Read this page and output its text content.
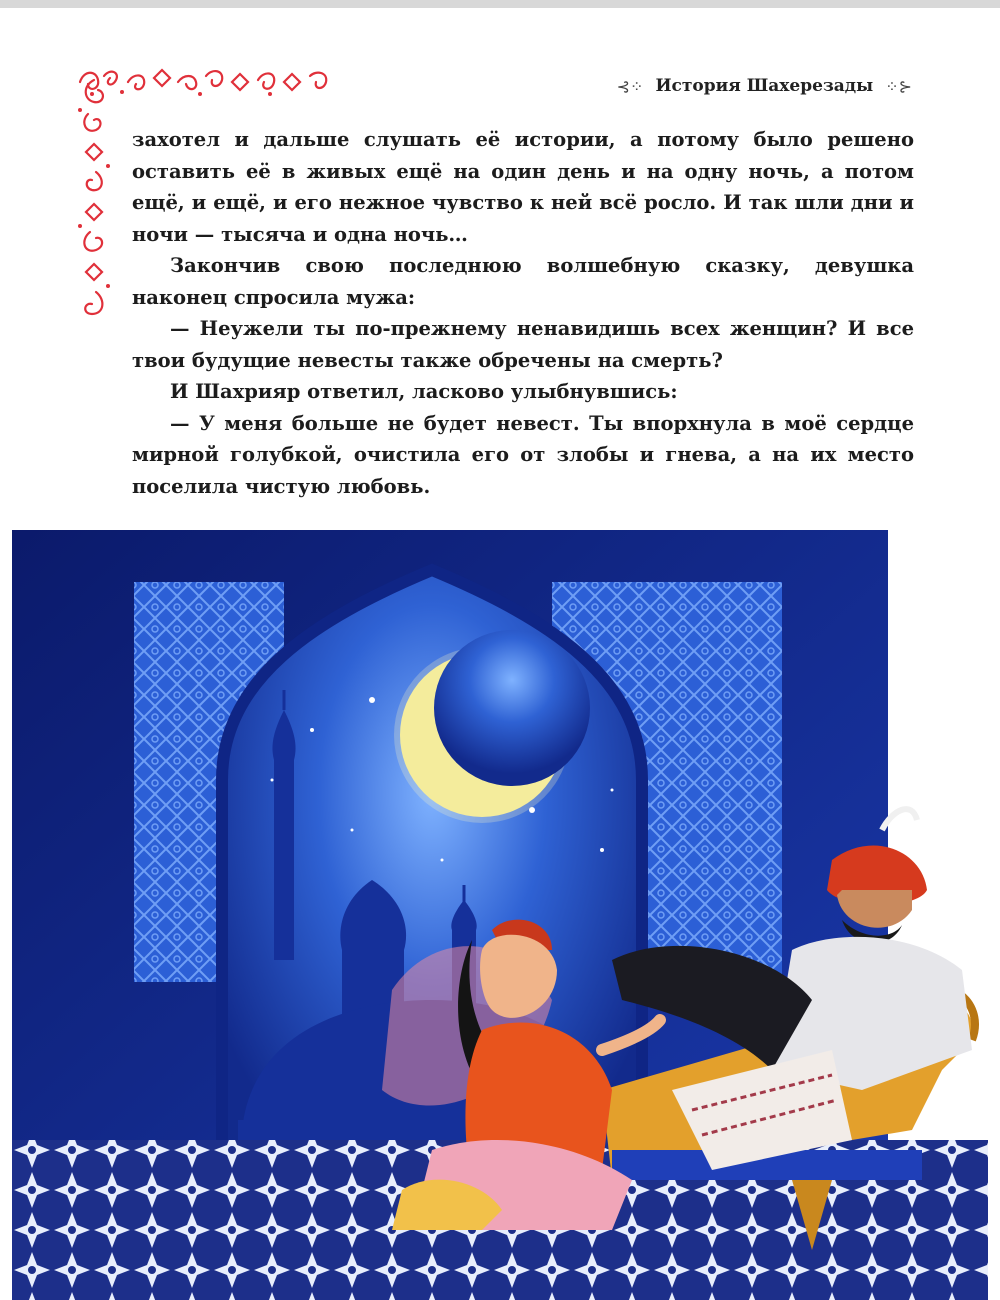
⊰⁘ История Шахерезады ⁘⊱

захотел и дальше слушать её истории, а потому было решено оставить её в живых ещё на один день и на одну ночь, а потом ещё, и ещё, и его нежное чувство к ней всё росло. И так шли дни и ночи — тысяча и одна ночь…

Закончив свою последнюю волшебную сказку, девушка наконец спросила мужа:

— Неужели ты по-прежнему ненавидишь всех женщин? И все твои будущие невесты также обречены на смерть?

И Шахрияр ответил, ласково улыбнувшись:

— У меня больше не будет невест. Ты впорхнула в моё сердце мирной голубкой, очистила его от злобы и гнева, а на их место поселила чистую любовь.
